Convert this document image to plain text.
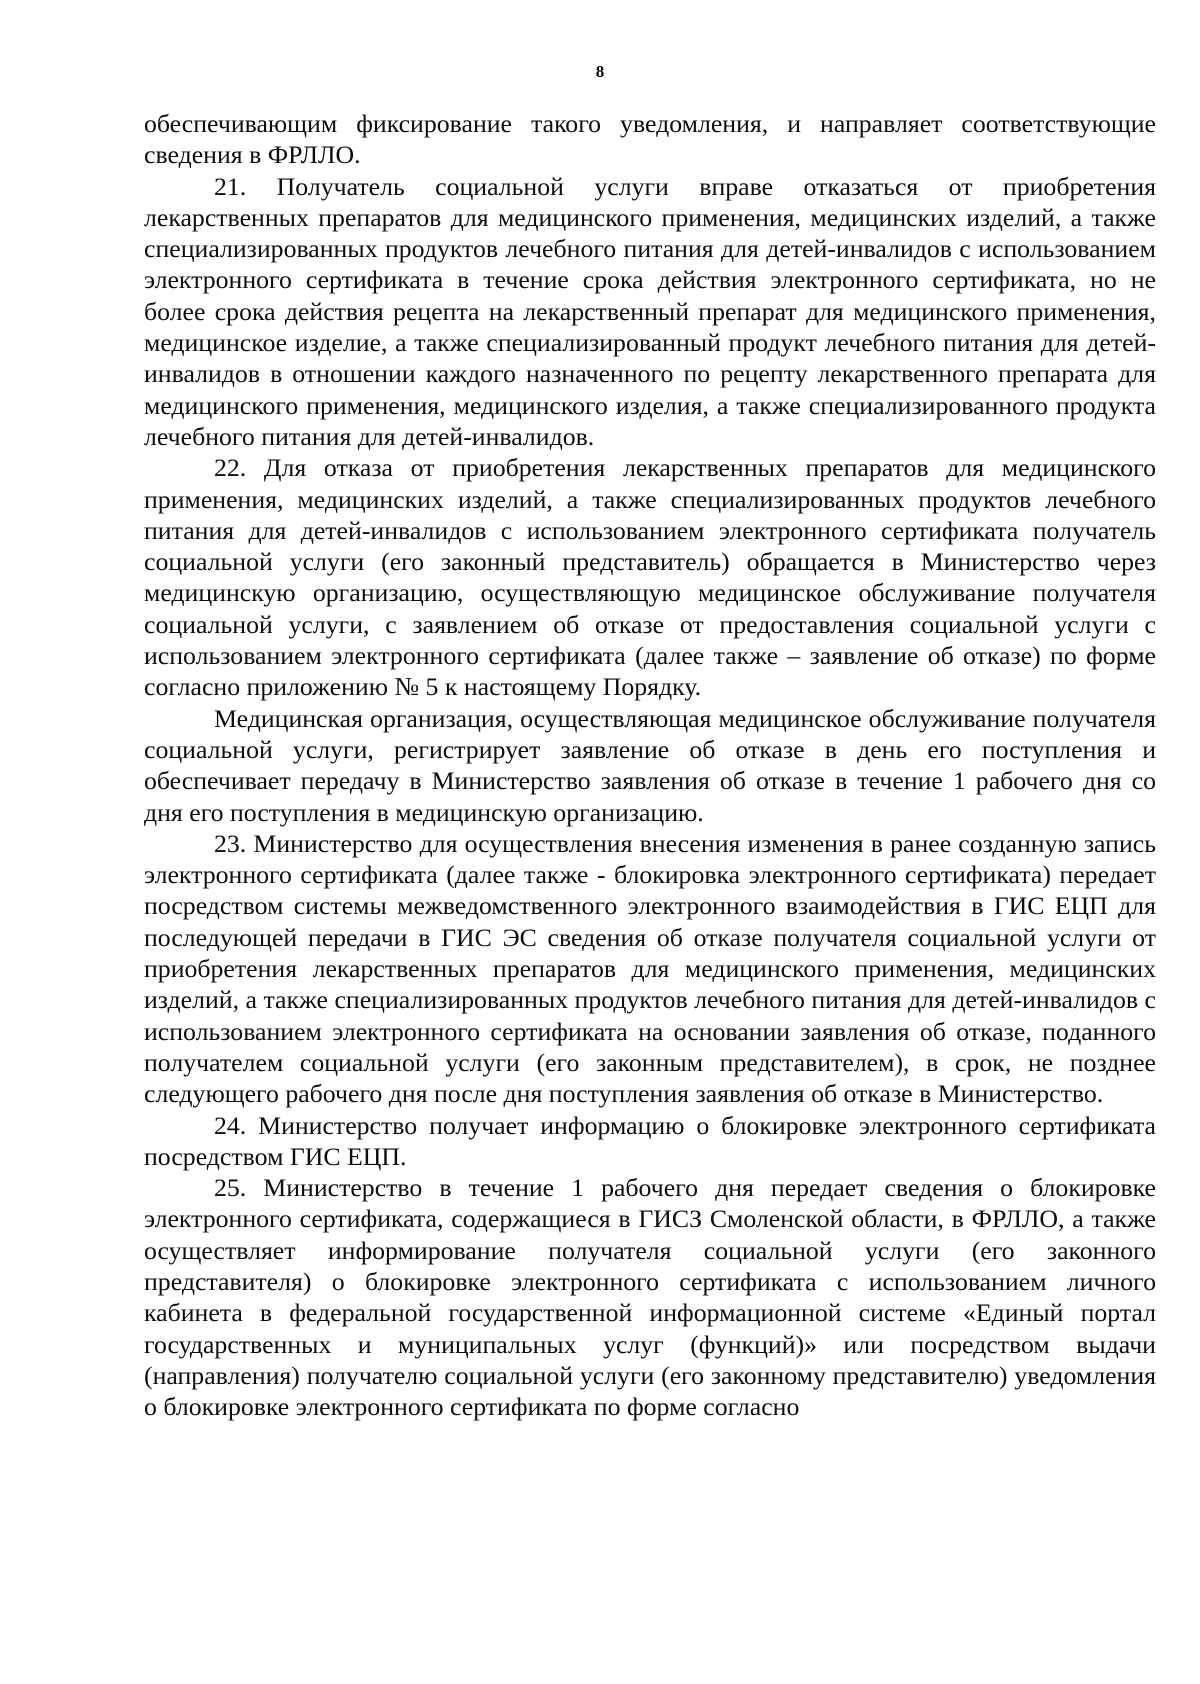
8

обеспечивающим фиксирование такого уведомления, и направляет соответствующие сведения в ФРЛЛО.

21. Получатель социальной услуги вправе отказаться от приобретения лекарственных препаратов для медицинского применения, медицинских изделий, а также специализированных продуктов лечебного питания для детей-инвалидов с использованием электронного сертификата в течение срока действия электронного сертификата, но не более срока действия рецепта на лекарственный препарат для медицинского применения, медицинское изделие, а также специализированный продукт лечебного питания для детей-инвалидов в отношении каждого назначенного по рецепту лекарственного препарата для медицинского применения, медицинского изделия, а также специализированного продукта лечебного питания для детей-инвалидов.

22. Для отказа от приобретения лекарственных препаратов для медицинского применения, медицинских изделий, а также специализированных продуктов лечебного питания для детей-инвалидов с использованием электронного сертификата получатель социальной услуги (его законный представитель) обращается в Министерство через медицинскую организацию, осуществляющую медицинское обслуживание получателя социальной услуги, с заявлением об отказе от предоставления социальной услуги с использованием электронного сертификата (далее также – заявление об отказе) по форме согласно приложению № 5 к настоящему Порядку.

Медицинская организация, осуществляющая медицинское обслуживание получателя социальной услуги, регистрирует заявление об отказе в день его поступления и обеспечивает передачу в Министерство заявления об отказе в течение 1 рабочего дня со дня его поступления в медицинскую организацию.

23. Министерство для осуществления внесения изменения в ранее созданную запись электронного сертификата (далее также - блокировка электронного сертификата) передает посредством системы межведомственного электронного взаимодействия в ГИС ЕЦП для последующей передачи в ГИС ЭС сведения об отказе получателя социальной услуги от приобретения лекарственных препаратов для медицинского применения, медицинских изделий, а также специализированных продуктов лечебного питания для детей-инвалидов с использованием электронного сертификата на основании заявления об отказе, поданного получателем социальной услуги (его законным представителем), в срок, не позднее следующего рабочего дня после дня поступления заявления об отказе в Министерство.

24. Министерство получает информацию о блокировке электронного сертификата посредством ГИС ЕЦП.

25. Министерство в течение 1 рабочего дня передает сведения о блокировке электронного сертификата, содержащиеся в ГИСЗ Смоленской области, в ФРЛЛО, а также осуществляет информирование получателя социальной услуги (его законного представителя) о блокировке электронного сертификата с использованием личного кабинета в федеральной государственной информационной системе «Единый портал государственных и муниципальных услуг (функций)» или посредством выдачи (направления) получателю социальной услуги (его законному представителю) уведомления о блокировке электронного сертификата по форме согласно
